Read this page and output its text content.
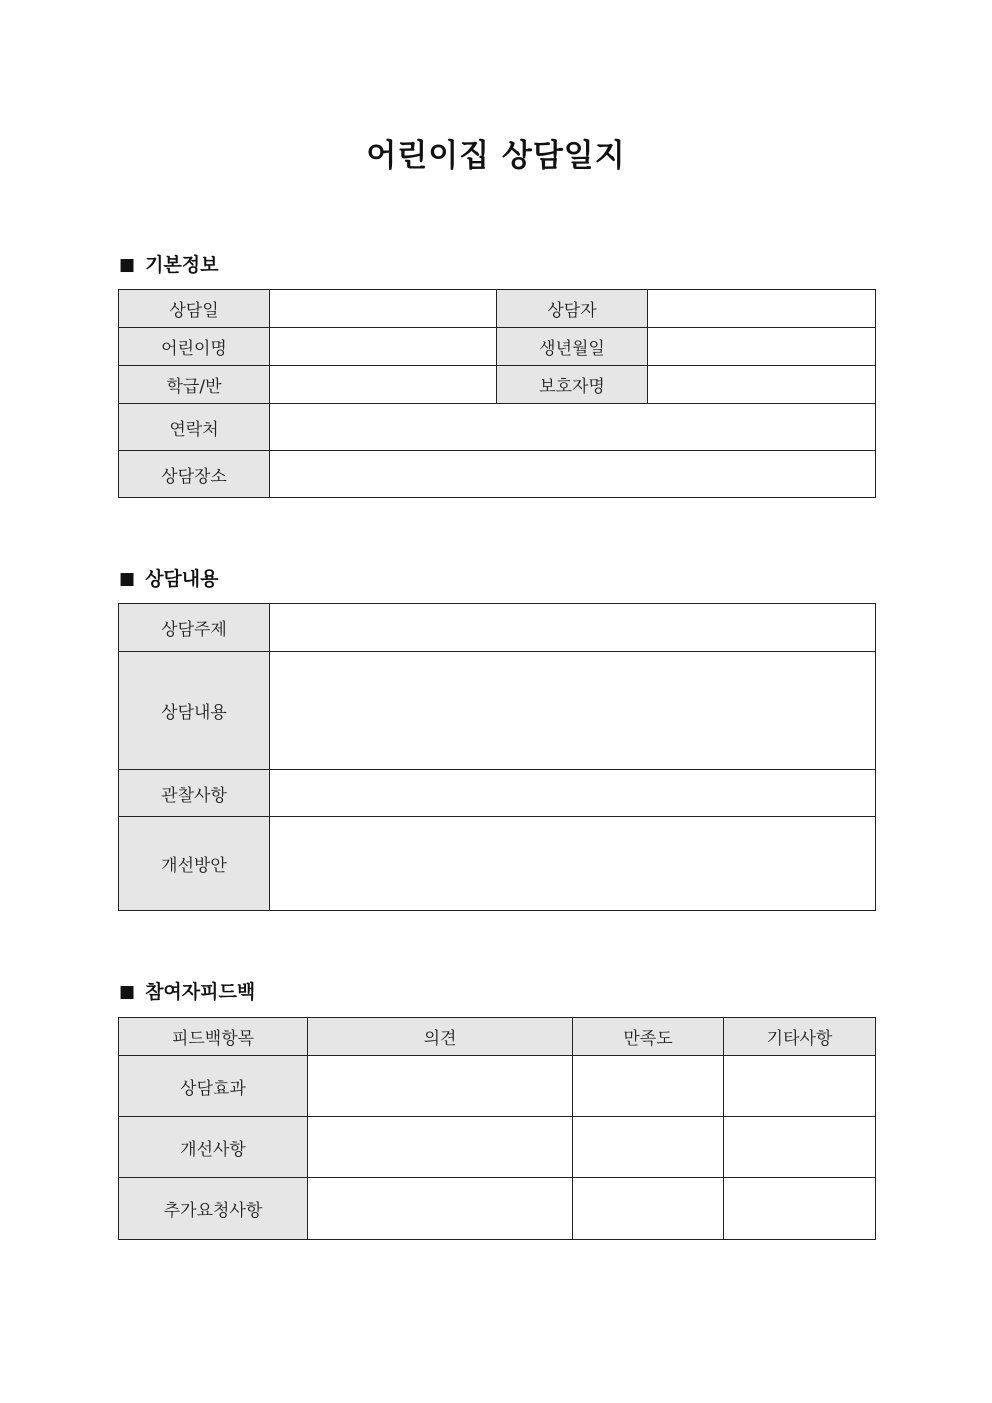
어린이집 상담일지
■ 기본정보
상담일		상담자	
어린이명		생년월일	
학급/반		보호자명	
연락처			
상담장소			
■ 상담내용
상담주제	
상담내용	
관찰사항	
개선방안	
■ 참여자피드백
피드백항목	의견	만족도	기타사항
상담효과			
개선사항			
추가요청사항			
